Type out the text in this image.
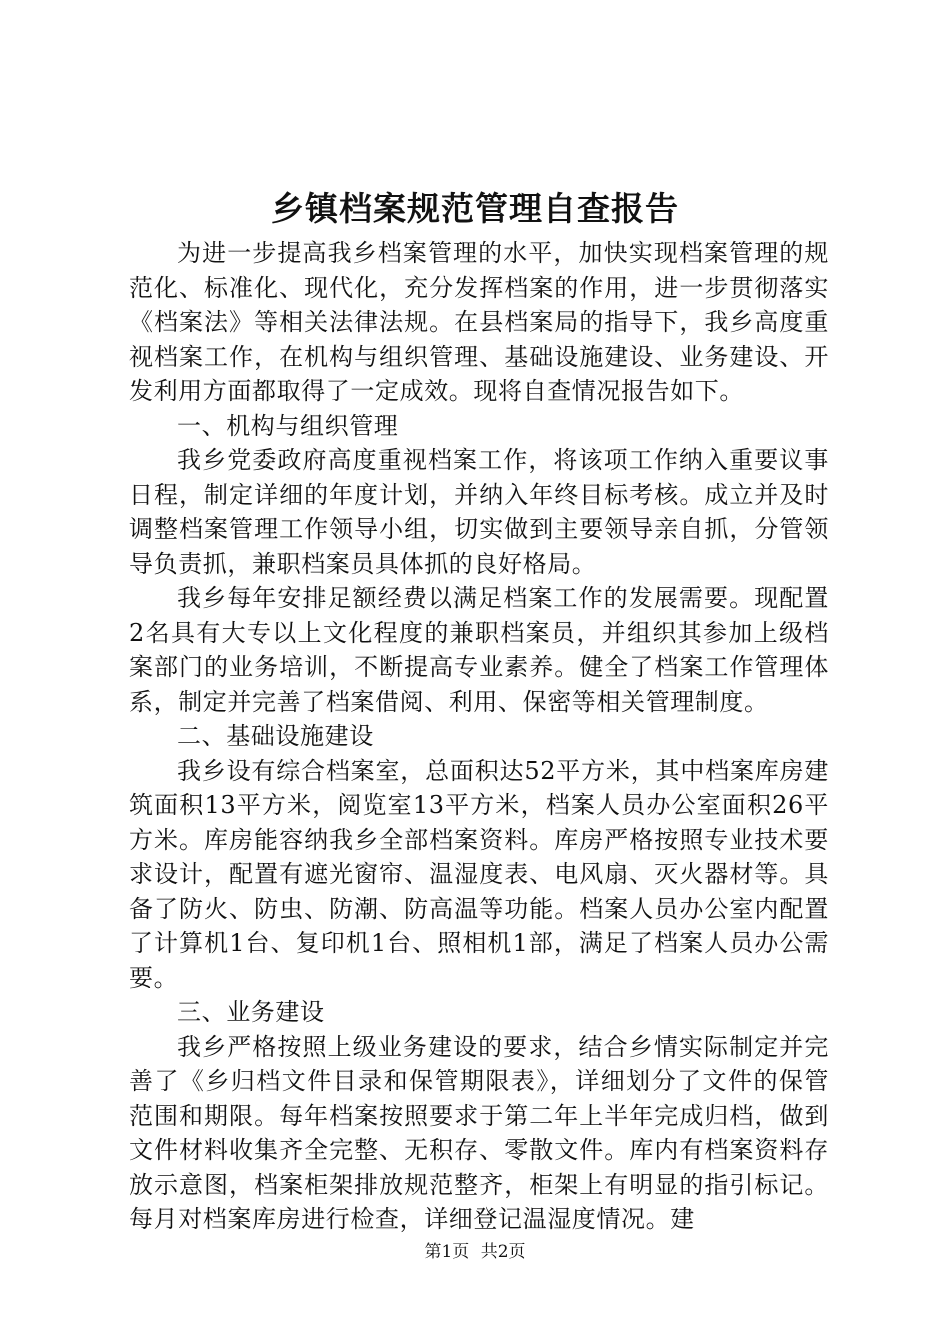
乡镇档案规范管理自查报告

为进一步提高我乡档案管理的水平，加快实现档案管理的规范化、标准化、现代化，充分发挥档案的作用，进一步贯彻落实《档案法》等相关法律法规。在县档案局的指导下，我乡高度重视档案工作，在机构与组织管理、基础设施建设、业务建设、开发利用方面都取得了一定成效。现将自查情况报告如下。

一、机构与组织管理

我乡党委政府高度重视档案工作，将该项工作纳入重要议事日程，制定详细的年度计划，并纳入年终目标考核。成立并及时调整档案管理工作领导小组，切实做到主要领导亲自抓，分管领导负责抓，兼职档案员具体抓的良好格局。

我乡每年安排足额经费以满足档案工作的发展需要。现配置2名具有大专以上文化程度的兼职档案员，并组织其参加上级档案部门的业务培训，不断提高专业素养。健全了档案工作管理体系，制定并完善了档案借阅、利用、保密等相关管理制度。

二、基础设施建设

我乡设有综合档案室，总面积达52平方米，其中档案库房建筑面积13平方米，阅览室13平方米，档案人员办公室面积26平方米。库房能容纳我乡全部档案资料。库房严格按照专业技术要求设计，配置有遮光窗帘、温湿度表、电风扇、灭火器材等。具备了防火、防虫、防潮、防高温等功能。档案人员办公室内配置了计算机1台、复印机1台、照相机1部，满足了档案人员办公需要。

三、业务建设

我乡严格按照上级业务建设的要求，结合乡情实际制定并完善了《乡归档文件目录和保管期限表》，详细划分了文件的保管范围和期限。每年档案按照要求于第二年上半年完成归档，做到文件材料收集齐全完整、无积存、零散文件。库内有档案资料存放示意图，档案柜架排放规范整齐，柜架上有明显的指引标记。每月对档案库房进行检查，详细登记温湿度情况。建

第1页 共2页
